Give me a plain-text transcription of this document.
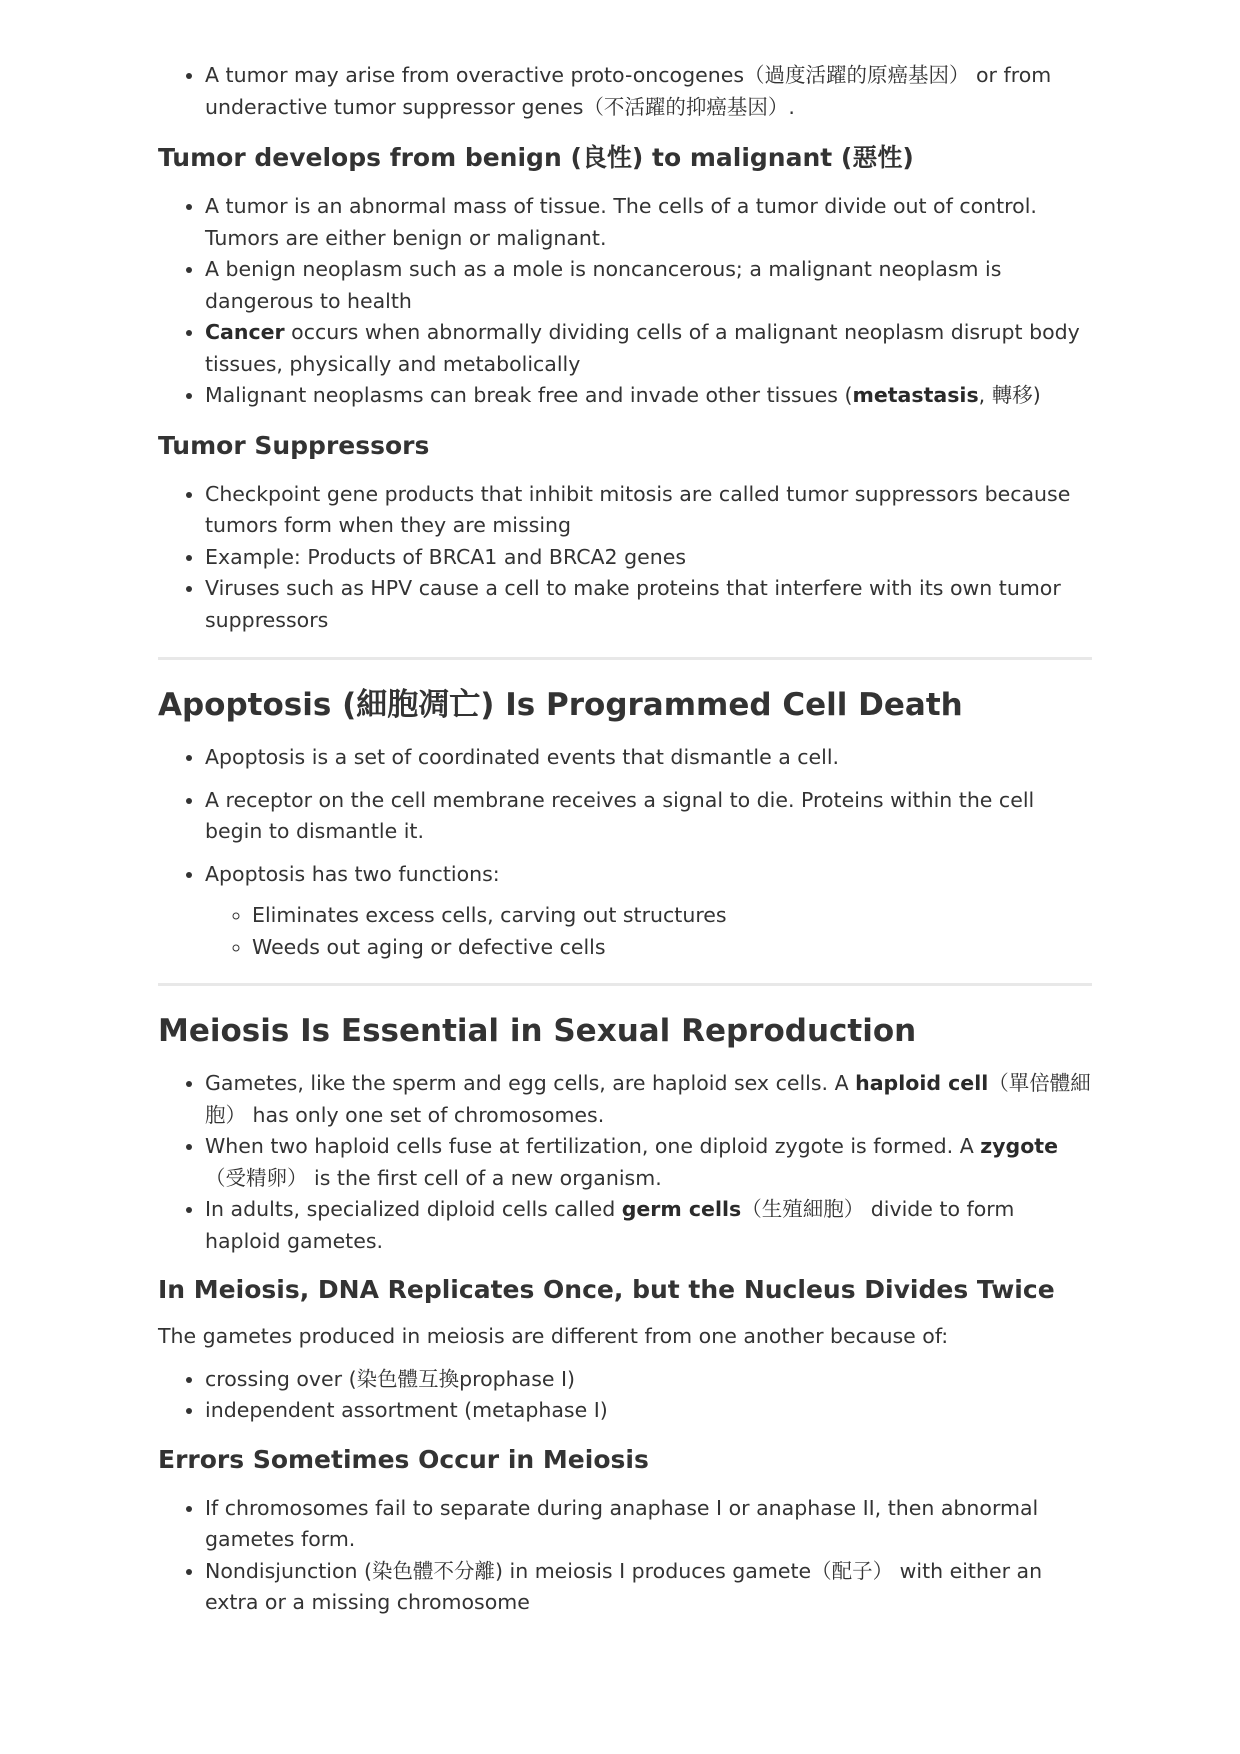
• A tumor may arise from overactive proto-oncogenes（過度活躍的原癌基因） or from underactive tumor suppressor genes（不活躍的抑癌基因）.
Tumor develops from benign (良性) to malignant (惡性)
• A tumor is an abnormal mass of tissue. The cells of a tumor divide out of control. Tumors are either benign or malignant.
• A benign neoplasm such as a mole is noncancerous; a malignant neoplasm is dangerous to health
• Cancer occurs when abnormally dividing cells of a malignant neoplasm disrupt body tissues, physically and metabolically
• Malignant neoplasms can break free and invade other tissues (metastasis, 轉移)
Tumor Suppressors
• Checkpoint gene products that inhibit mitosis are called tumor suppressors because tumors form when they are missing
• Example: Products of BRCA1 and BRCA2 genes
• Viruses such as HPV cause a cell to make proteins that interfere with its own tumor suppressors
Apoptosis (細胞凋亡) Is Programmed Cell Death
• Apoptosis is a set of coordinated events that dismantle a cell.
• A receptor on the cell membrane receives a signal to die. Proteins within the cell begin to dismantle it.
• Apoptosis has two functions:
◦ Eliminates excess cells, carving out structures
◦ Weeds out aging or defective cells
Meiosis Is Essential in Sexual Reproduction
• Gametes, like the sperm and egg cells, are haploid sex cells. A haploid cell（單倍體細胞） has only one set of chromosomes.
• When two haploid cells fuse at fertilization, one diploid zygote is formed. A zygote（受精卵） is the first cell of a new organism.
• In adults, specialized diploid cells called germ cells（生殖細胞） divide to form haploid gametes.
In Meiosis, DNA Replicates Once, but the Nucleus Divides Twice

The gametes produced in meiosis are different from one another because of:

• crossing over (染色體互換prophase I)
• independent assortment (metaphase I)
Errors Sometimes Occur in Meiosis
• If chromosomes fail to separate during anaphase I or anaphase II, then abnormal gametes form.
• Nondisjunction (染色體不分離) in meiosis I produces gamete（配子） with either an extra or a missing chromosome
